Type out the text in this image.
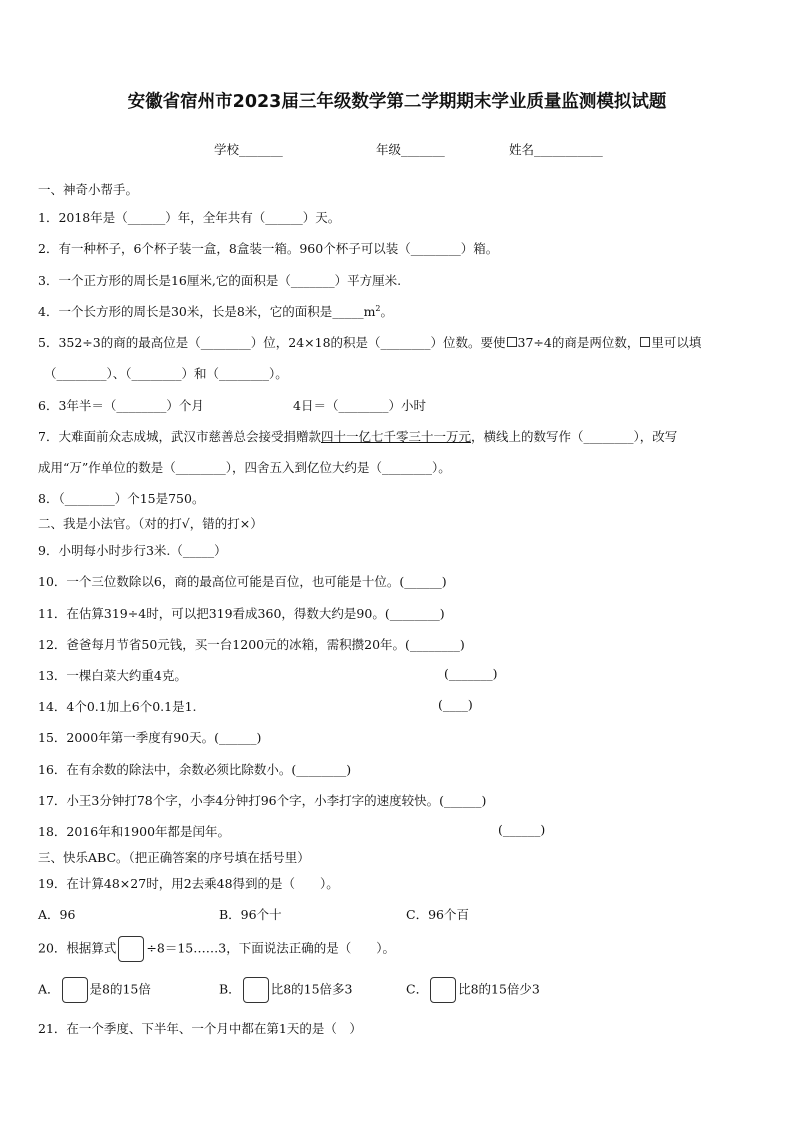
安徽省宿州市2023届三年级数学第二学期期末学业质量监测模拟试题
学校_______	年级_______	姓名___________
一、神奇小帮手。
1．2018年是（______）年，全年共有（______）天。
2．有一种杯子，6个杯子装一盒，8盒装一箱。960个杯子可以装（________）箱。
3．一个正方形的周长是16厘米,它的面积是（_______）平方厘米.
4．一个长方形的周长是30米，长是8米，它的面积是$\_\_\_\_\_m^2$。
5．352÷3的商的最高位是（________）位，24×18的积是（________）位数。要使 37÷4的商是两位数， 里可以填
（________）、（________）和（________）。
6．3年半＝（________）个月	4日＝（________）小时
7．大难面前众志成城，武汉市慈善总会接受捐赠款四十一亿七千零三十一万元，横线上的数写作（________），改写
成用“万”作单位的数是（________），四舍五入到亿位大约是（________）。
8．（________）个15是750。
二、我是小法官。（对的打√，错的打×）
9．小明每小时步行3米.（_____）
10．一个三位数除以6，商的最高位可能是百位，也可能是十位。(______)
11．在估算319÷4时，可以把319看成360，得数大约是90。(________)
12．爸爸每月节省50元钱，买一台1200元的冰箱，需积攒20年。(________)
13．一棵白菜大约重4克。	(_______)
14．4个0.1加上6个0.1是1.	(____)
15．2000年第一季度有90天。(______)
16．在有余数的除法中，余数必须比除数小。(________)
17．小王3分钟打78个字，小李4分钟打96个字，小李打字的速度较快。(______)
18．2016年和1900年都是闰年。	(______)
三、快乐ABC。（把正确答案的序号填在括号里）
19．在计算48×27时，用2去乘48得到的是（　　）。
A．96	B．96个十	C．96个百
20．根据算式 ÷8＝15……3，下面说法正确的是（　　）。
A． 是8的15倍	B． 比8的15倍多3	C． 比8的15倍少3
21．在一个季度、下半年、一个月中都在第1天的是（　）
